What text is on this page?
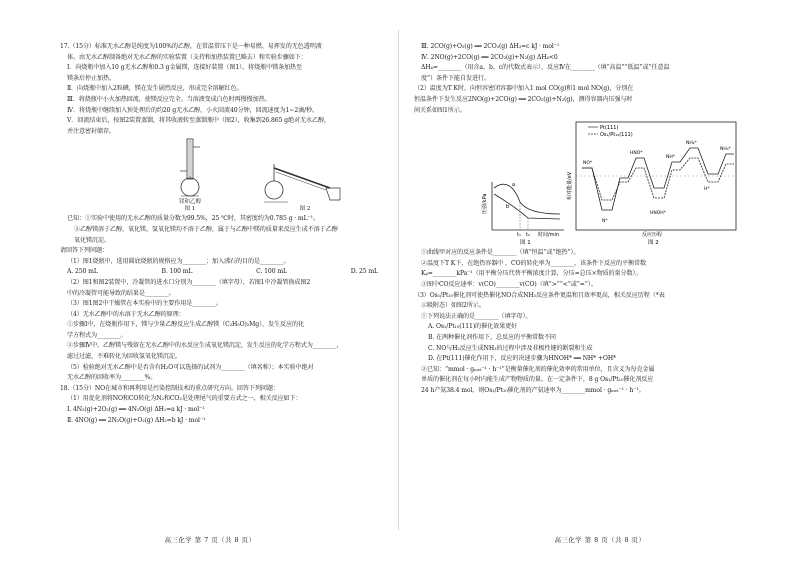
17.（15分）标准无水乙醇是纯度为100%的乙醇，在常温常压下是一种易燃、易挥发的无色透明液

体。由无水乙醇制备绝对无水乙醇的实验装置（支持和加热装置已略去）和实验步骤如下：

Ⅰ．向烧瓶中加入10 g无水乙醇和0.3 g金属镁，连接好装置（图1），将烧瓶中镁条加热至

镁条后停止加热。

Ⅱ．向烧瓶中加入2粒碘，镁在发生剧烈反应，形成完全溶解红色。

Ⅲ．将烧瓶中小火加热回流，使镁反应完全。当溶液变成白色时再慢慢加热。

Ⅳ．将烧瓶中继续加入预处理后的约20 g无水乙醇，小火回流40分钟，回流速度为1~2滴/秒。

Ⅴ．回流结束后，按图2装置蒸馏，将其收液转至蒸馏瓶中（图2），收集到26.865 g绝对无水乙醇，

并注意密封储存。

镁和乙醇
图 1	图 2

已知：①实验中使用的无水乙醇的质量分数为99.5%，25 ℃时，其密度约为0.785 g · mL⁻¹。

②乙醇镁溶于乙醇，氧化镁、氢氧化镁均不溶于乙醇，属于与乙醇中镁的质量来反应生成不溶于乙醇

氧化镁沉淀。

请回答下列问题：

（1）图1烧瓶中，选用圆底烧瓶的规格应为________；加入沸石的目的是________。

A. 250 mL	B. 100 mL	C. 100 mL	D. 25 mL

（2）图1和图2装置中，冷凝管的进水口分别为________（填字母），若图1中冷凝管换成图2

中的冷凝管可能导致的结果是________。

（3）图1图2中干燥管在本实验中的主要作用是________。

（4）无水乙醇中的水溶于无水乙醇的原理：

①步骤Ⅰ中，在烧瓶作用下，镁与少量乙醇反应生成乙醇镁（C₂H₅O)₂Mg），发生反应的化

学方程式为________。

②步骤Ⅳ中，乙醇镁与残留在无水乙醇中的水反应生成氧化镁沉淀，发生反应的化学方程式为________，

滤过过滤，不难转化为回收氢氧化镁沉淀。

（5）检验绝对无水乙醇中是否含有H₂O可以选择的试剂为________（填名称）；本实验中绝对

无水乙醇的回收率为________%。

18.（15分）NO在城市和再利用是污染控制技术的重点研究方向。回答下列问题：

（1）用促化剂将NO和CO转化为N₂和CO₂是处理尾气的重要方式之一，相关反应如下：

Ⅰ. 4N₂(g)+2O₂(g) ══ 4N₂O(g) ΔH₁=a kJ · mol⁻¹

Ⅱ. 4NO(g) ══ 2N₂O(g)+O₂(g) ΔH₂=b kJ · mol⁻¹

高三化学 第 7 页（共 8 页）

Ⅲ. 2CO(g)+O₂(g) ══ 2CO₂(g) ΔH₃=c kJ · mol⁻¹

Ⅳ. 2NO(g)+2CO(g) ══ 2CO₂(g)+N₂(g) ΔH₄<0

ΔH₄=________（用含a、b、c的代数式表示），反应Ⅳ在________（填“高温”“低温”或“任意温

度”）条件下能自发进行。

（2）温度为T K时，向恒容密闭容器中加入1 mol CO(g)和1 mol NO(g)，分别在

恒温条件下发生反应2NO(g)+2CO(g) ══ 2CO₂(g)+N₂(g)，测得容器内压强与时

间关系如图1所示。

压强/kPa
a
b
t₁ t₂ 时间/min
图 1
Pt(111)
Os₁/Pt₁₀(111)
NO*
HNO*
HNOH*
NH*
NH₂*
NH₃*
N*
H*
相对能量/eV
反应历程
图 2

①曲线甲对应的反应条件是________（填“恒温”或“绝热”）。

②温度下T K下，在绝热容器中 ，CO的转化率为________，该条件下反应的平衡常数

Kₚ=________kPa⁻¹（用平衡分压代替平衡浓度计算，分压=总压×物质的量分数）。

③图中CO反应速率：v(CO)________v(CO)（填“>”“<”或“=”）。

（3）Os₁/Pt₁₀催化剂可使热催化NO合成NH₃反应条件更温和且效率更高，相关反应历程（*表

示吸附态）如图2所示。

①下列说法正确的是________（填字母）。

A. Os₁/Pt₁₀(111)的催化效果更好

B. 在两种催化剂作用下，总反应的平衡常数不同

C. NO与H₂反应生成NH₃的过程中涉及非极性键的断裂和生成

D. 在Pt(111)催化作用下，反应的决速步骤为HNOH* ══ NH* +OH*

②已知：“mmol · gₘₑₜ⁻¹ · h⁻¹”是衡量催化剂的催化效率的常用单位，且含义为每克金属

单质的催化剂在每小时内能生成产物物质的量。在一定条件下，8 g Os₁/Pt₁₀催化剂反应

24 h产氨38.4 mol，则Os₁/Pt₁₀催化剂的产氨速率为________mmol · gₘₑₜ⁻¹ · h⁻¹。

高三化学 第 8 页（共 8 页）
